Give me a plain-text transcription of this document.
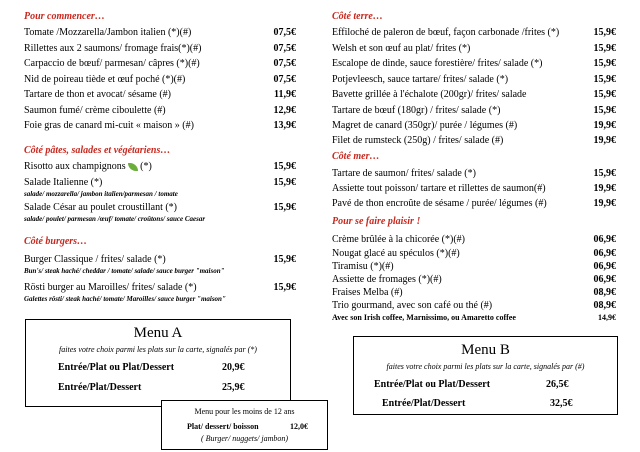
Pour commencer…
Tomate /Mozzarella/Jambon italien (*)(#)	07,5€
Rillettes aux 2 saumons/ fromage frais(*)(#)	07,5€
Carpaccio de bœuf/ parmesan/ câpres (*)(#)	07,5€
Nid de poireau tiède et œuf poché (*)(#)	07,5€
Tartare de thon et avocat/ sésame (#)	11,9€
Saumon fumé/ crème ciboulette (#)	12,9€
Foie gras de canard mi-cuit « maison » (#)	13,9€
Côté pâtes, salades et végétariens…
Risotto aux champignons (*)	15,9€
Salade Italienne (*)	15,9€
salade/ mozzarella/ jambon italien/parmesan / tomate
Salade César au poulet croustillant (*)	15,9€
salade/ poulet/ parmesan /œuf/ tomate/ croûtons/ sauce Caesar
Côté burgers…
Burger Classique / frites/ salade (*)	15,9€
Bun's/ steak haché/ cheddar / tomate/ salade/ sauce burger "maison"
Rösti burger au Maroilles/ frites/ salade (*)	15,9€
Galettes rösti/ steak haché/ tomate/ Maroilles/ sauce burger "maison"
Côté terre…
Effiloché de paleron de bœuf, façon carbonade /frites (*)	15,9€
Welsh et son œuf au plat/ frites (*)	15,9€
Escalope de dinde, sauce forestière/ frites/ salade (*)	15,9€
Potjevleesch, sauce tartare/ frites/ salade (*)	15,9€
Bavette grillée à l'échalote (200gr)/ frites/ salade	15,9€
Tartare de bœuf (180gr) / frites/ salade (*)	15,9€
Magret de canard (350gr)/ purée / légumes (#)	19,9€
Filet de rumsteck (250g) / frites/ salade (#)	19,9€
Côté mer…
Tartare de saumon/ frites/ salade (*)	15,9€
Assiette tout poisson/ tartare et rillettes de saumon(#)	19,9€
Pavé de thon encroûte de sésame / purée/ légumes (#)	19,9€
Pour se faire plaisir !
Crème brûlée à la chicorée (*)(#)	06,9€
Nougat glacé au spéculos (*)(#)	06,9€
Tiramisu (*)(#)	06,9€
Assiette de fromages (*)(#)	06,9€
Fraises Melba (#)	08,9€
Trio gourmand, avec son café ou thé (#)	08,9€
Avec son Irish coffee, Marnissimo, ou Amaretto coffee	14,9€
Menu A
faites votre choix parmi les plats sur la carte, signalés par (*)
Entrée/Plat ou Plat/Dessert	20,9€
Entrée/Plat/Dessert	25,9€
Menu pour les moins de 12 ans
Plat/ dessert/ boisson	12,0€
( Burger/ nuggets/ jambon)
Menu B
faites votre choix parmi les plats sur la carte, signalés par (#)
Entrée/Plat ou Plat/Dessert	26,5€
Entrée/Plat/Dessert	32,5€
